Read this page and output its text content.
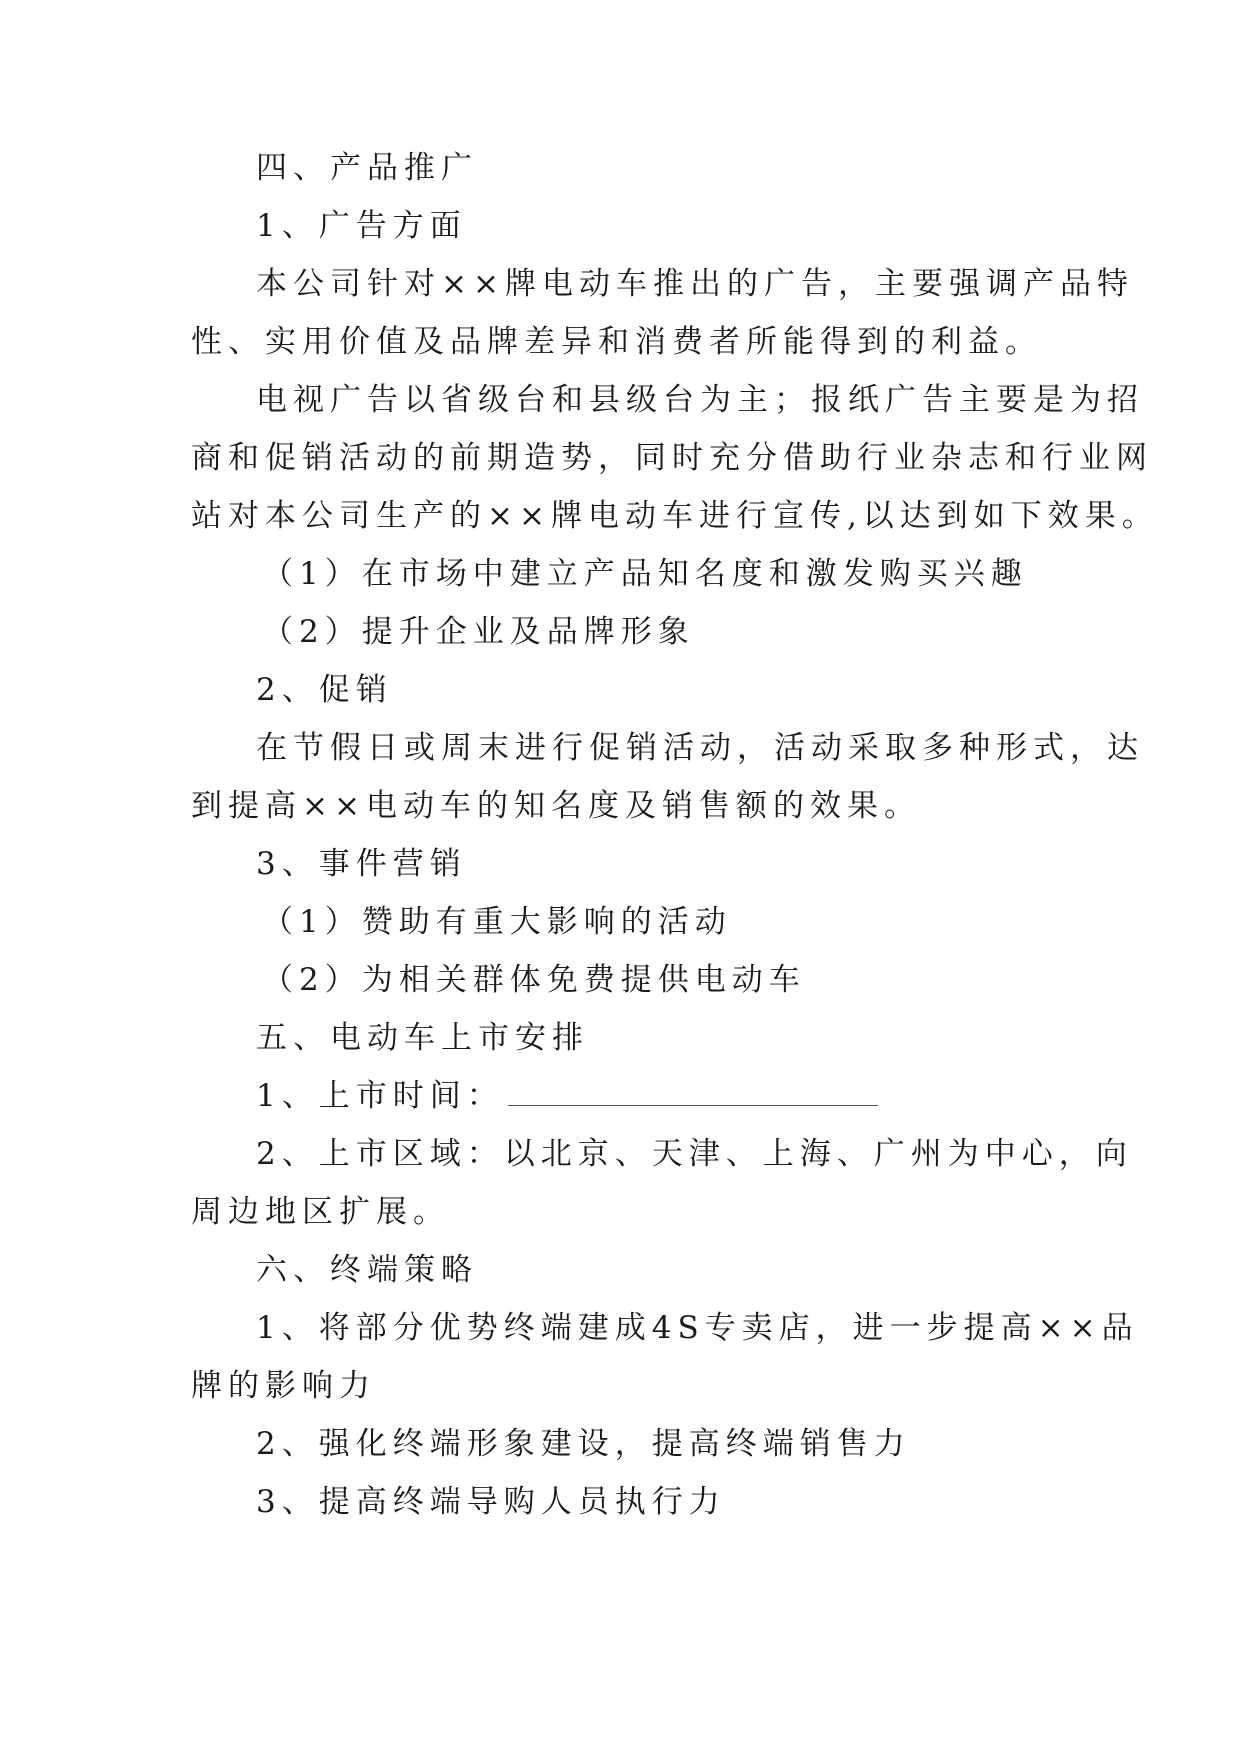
四、产品推广
1、广告方面
本公司针对××牌电动车推出的广告，主要强调产品特
性、实用价值及品牌差异和消费者所能得到的利益。
电视广告以省级台和县级台为主；报纸广告主要是为招
商和促销活动的前期造势，同时充分借助行业杂志和行业网
站对本公司生产的××牌电动车进行宣传,以达到如下效果。
（1）在市场中建立产品知名度和激发购买兴趣
（2）提升企业及品牌形象
2、促销
在节假日或周末进行促销活动，活动采取多种形式，达
到提高××电动车的知名度及销售额的效果。
3、事件营销
（1）赞助有重大影响的活动
（2）为相关群体免费提供电动车
五、电动车上市安排
1、上市时间：
2、上市区域：以北京、天津、上海、广州为中心，向
周边地区扩展。
六、终端策略
1、将部分优势终端建成4S专卖店，进一步提高××品
牌的影响力
2、强化终端形象建设，提高终端销售力
3、提高终端导购人员执行力
